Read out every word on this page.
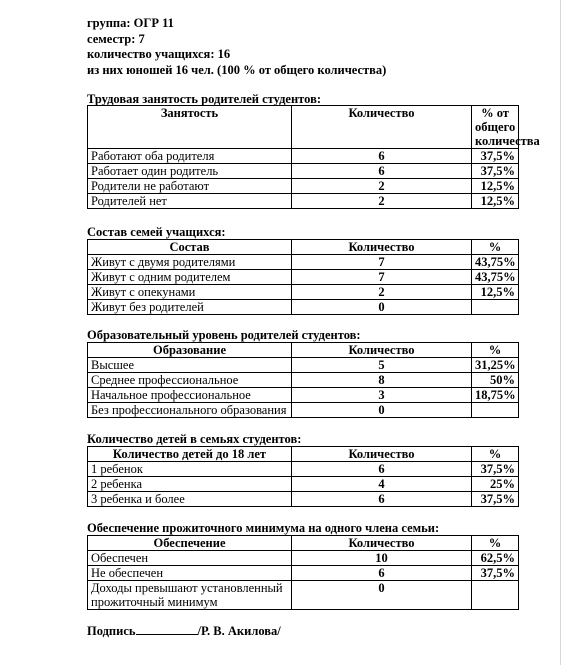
группа: ОГР 11
семестр: 7
количество учащихся: 16
из них юношей 16 чел. (100 % от общего количества)
Трудовая занятость родителей студентов:
Занятость	Количество	% от общего количества
Работают оба родителя	6	37,5%
Работает один родитель	6	37,5%
Родители не работают	2	12,5%
Родителей нет	2	12,5%
Состав семей учащихся:
Состав	Количество	%
Живут с двумя родителями	7	43,75%
Живут с одним родителем	7	43,75%
Живут с опекунами	2	12,5%
Живут без родителей	0	
Образовательный уровень родителей студентов:
Образование	Количество	%
Высшее	5	31,25%
Среднее профессиональное	8	50%
Начальное профессиональное	3	18,75%
Без профессионального образования	0	
Количество детей в семьях студентов:
Количество детей до 18 лет	Количество	%
1 ребенок	6	37,5%
2 ребенка	4	25%
3 ребенка и более	6	37,5%
Обеспечение прожиточного минимума на одного члена семьи:
Обеспечение	Количество	%
Обеспечен	10	62,5%
Не обеспечен	6	37,5%
Доходы превышают установленный прожиточный минимум	0	
Подпись	/Р. В. Акилова/
